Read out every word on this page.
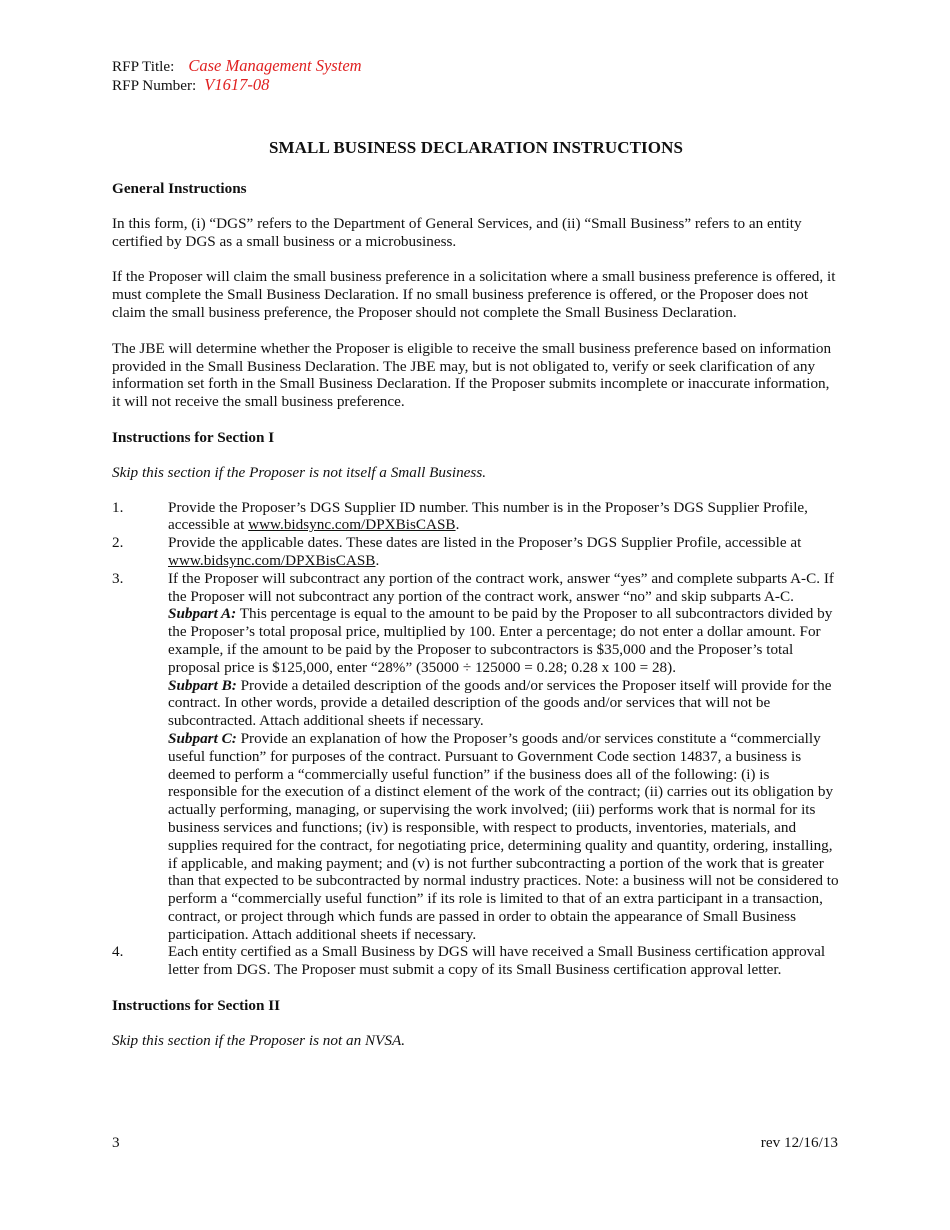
RFP Title: Case Management System
RFP Number: V1617-08
SMALL BUSINESS DECLARATION INSTRUCTIONS

General Instructions

In this form, (i) “DGS” refers to the Department of General Services, and (ii) “Small Business” refers to an entity certified by DGS as a small business or a microbusiness.

If the Proposer will claim the small business preference in a solicitation where a small business preference is offered, it must complete the Small Business Declaration. If no small business preference is offered, or the Proposer does not claim the small business preference, the Proposer should not complete the Small Business Declaration.

The JBE will determine whether the Proposer is eligible to receive the small business preference based on information provided in the Small Business Declaration. The JBE may, but is not obligated to, verify or seek clarification of any information set forth in the Small Business Declaration. If the Proposer submits incomplete or inaccurate information, it will not receive the small business preference.

Instructions for Section I

Skip this section if the Proposer is not itself a Small Business.

1.	Provide the Proposer’s DGS Supplier ID number. This number is in the Proposer’s DGS Supplier Profile, accessible at www.bidsync.com/DPXBisCASB.
2.	Provide the applicable dates. These dates are listed in the Proposer’s DGS Supplier Profile, accessible at www.bidsync.com/DPXBisCASB.
3.	If the Proposer will subcontract any portion of the contract work, answer “yes” and complete subparts A-C. If the Proposer will not subcontract any portion of the contract work, answer “no” and skip subparts A-C.
Subpart A: This percentage is equal to the amount to be paid by the Proposer to all subcontractors divided by the Proposer’s total proposal price, multiplied by 100. Enter a percentage; do not enter a dollar amount. For example, if the amount to be paid by the Proposer to subcontractors is $35,000 and the Proposer’s total proposal price is $125,000, enter “28%” (35000 ÷ 125000 = 0.28; 0.28 x 100 = 28).
Subpart B: Provide a detailed description of the goods and/or services the Proposer itself will provide for the contract. In other words, provide a detailed description of the goods and/or services that will not be subcontracted. Attach additional sheets if necessary.
Subpart C: Provide an explanation of how the Proposer’s goods and/or services constitute a “commercially useful function” for purposes of the contract. Pursuant to Government Code section 14837, a business is deemed to perform a “commercially useful function” if the business does all of the following: (i) is responsible for the execution of a distinct element of the work of the contract; (ii) carries out its obligation by actually performing, managing, or supervising the work involved; (iii) performs work that is normal for its business services and functions; (iv) is responsible, with respect to products, inventories, materials, and supplies required for the contract, for negotiating price, determining quality and quantity, ordering, installing, if applicable, and making payment; and (v) is not further subcontracting a portion of the work that is greater than that expected to be subcontracted by normal industry practices. Note: a business will not be considered to perform a “commercially useful function” if its role is limited to that of an extra participant in a transaction, contract, or project through which funds are passed in order to obtain the appearance of Small Business participation. Attach additional sheets if necessary.
4.	Each entity certified as a Small Business by DGS will have received a Small Business certification approval letter from DGS. The Proposer must submit a copy of its Small Business certification approval letter.

Instructions for Section II

Skip this section if the Proposer is not an NVSA.

3	rev 12/16/13
